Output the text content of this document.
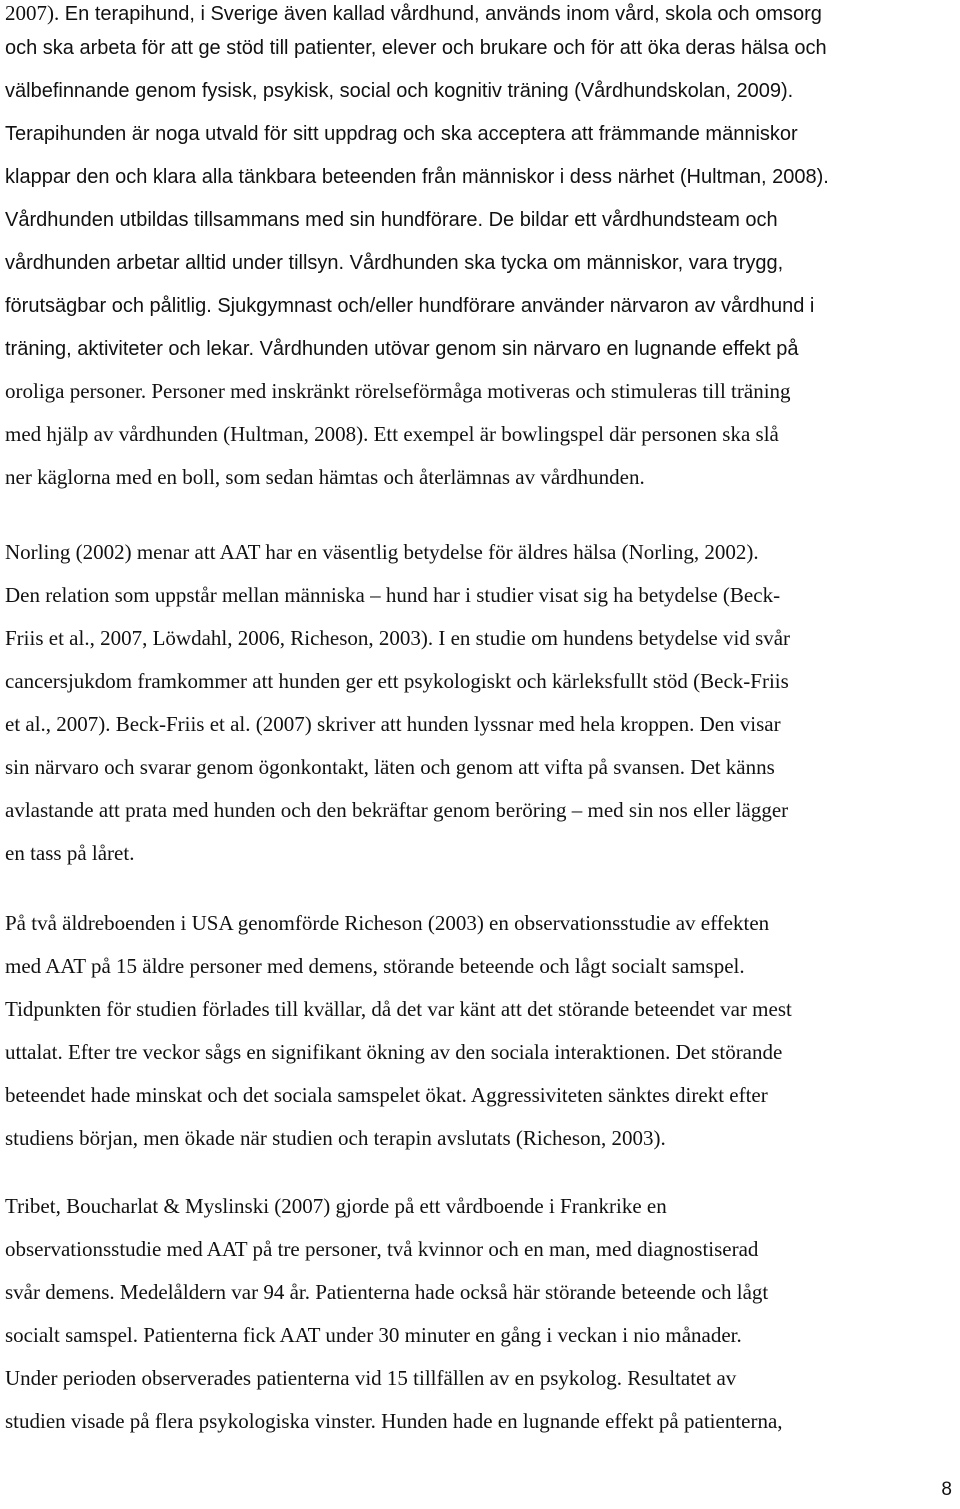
2007). En terapihund, i Sverige även kallad vårdhund, används inom vård, skola och omsorg
och ska arbeta för att ge stöd till patienter, elever och brukare och för att öka deras hälsa och
välbefinnande genom fysisk, psykisk, social och kognitiv träning (Vårdhundskolan, 2009).
Terapihunden är noga utvald för sitt uppdrag och ska acceptera att främmande människor
klappar den och klara alla tänkbara beteenden från människor i dess närhet (Hultman, 2008).
Vårdhunden utbildas tillsammans med sin hundförare. De bildar ett vårdhundsteam och
vårdhunden arbetar alltid under tillsyn. Vårdhunden ska tycka om människor, vara trygg,
förutsägbar och pålitlig. Sjukgymnast och/eller hundförare använder närvaron av vårdhund i
träning, aktiviteter och lekar. Vårdhunden utövar genom sin närvaro en lugnande effekt på
oroliga personer. Personer med inskränkt rörelseförmåga motiveras och stimuleras till träning
med hjälp av vårdhunden (Hultman, 2008). Ett exempel är bowlingspel där personen ska slå
ner käglorna med en boll, som sedan hämtas och återlämnas av vårdhunden.
Norling (2002) menar att AAT har en väsentlig betydelse för äldres hälsa (Norling, 2002).
Den relation som uppstår mellan människa – hund har i studier visat sig ha betydelse (Beck-
Friis et al., 2007, Löwdahl, 2006, Richeson, 2003). I en studie om hundens betydelse vid svår
cancersjukdom framkommer att hunden ger ett psykologiskt och kärleksfullt stöd (Beck-Friis
et al., 2007). Beck-Friis et al. (2007) skriver att hunden lyssnar med hela kroppen. Den visar
sin närvaro och svarar genom ögonkontakt, läten och genom att vifta på svansen. Det känns
avlastande att prata med hunden och den bekräftar genom beröring – med sin nos eller lägger
en tass på låret.
På två äldreboenden i USA genomförde Richeson (2003) en observationsstudie av effekten
med AAT på 15 äldre personer med demens, störande beteende och lågt socialt samspel.
Tidpunkten för studien förlades till kvällar, då det var känt att det störande beteendet var mest
uttalat. Efter tre veckor sågs en signifikant ökning av den sociala interaktionen. Det störande
beteendet hade minskat och det sociala samspelet ökat. Aggressiviteten sänktes direkt efter
studiens början, men ökade när studien och terapin avslutats (Richeson, 2003).
Tribet, Boucharlat & Myslinski (2007) gjorde på ett vårdboende i Frankrike en
observationsstudie med AAT på tre personer, två kvinnor och en man, med diagnostiserad
svår demens. Medelåldern var 94 år. Patienterna hade också här störande beteende och lågt
socialt samspel. Patienterna fick AAT under 30 minuter en gång i veckan i nio månader.
Under perioden observerades patienterna vid 15 tillfällen av en psykolog. Resultatet av
studien visade på flera psykologiska vinster. Hunden hade en lugnande effekt på patienterna,
8
